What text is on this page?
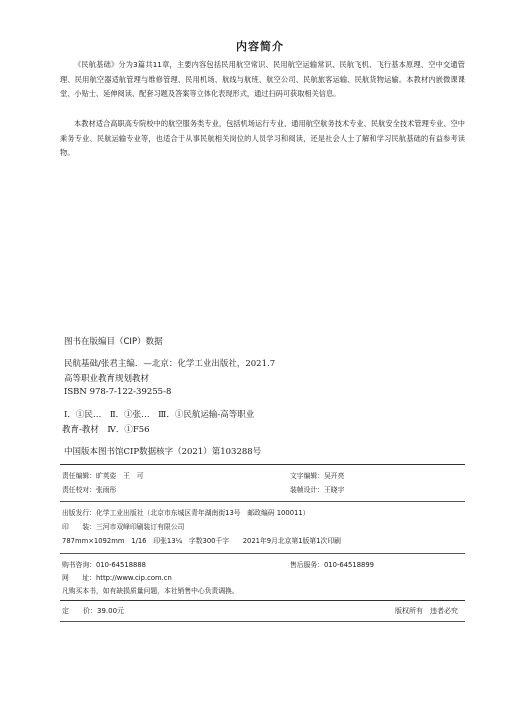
内容简介
《民航基础》分为3篇共11章，主要内容包括民用航空常识、民用航空运输常识、民航飞机、飞行基本原理、空中交通管理、民用航空器适航管理与维修管理、民用机场、航线与航班、航空公司、民航旅客运输、民航货物运输。本教材内嵌微课课堂、小贴士、延伸阅读、配套习题及答案等立体化表现形式，通过扫码可获取相关信息。
本教材适合高职高专院校中的航空服务类专业，包括机场运行专业、通用航空航务技术专业、民航安全技术管理专业、空中乘务专业、民航运输专业等，也适合于从事民航相关岗位的人员学习和阅读，还是社会人士了解和学习民航基础的有益参考读物。
图书在版编目（CIP）数据
民航基础/张君主编．—北京：化学工业出版社，2021.7
高等职业教育规划教材
ISBN 978-7-122-39255-8
Ⅰ．①民…　Ⅱ．①张…　Ⅲ．①民航运输-高等职业
教育-教材　Ⅳ．①F56
中国版本图书馆CIP数据核字（2021）第103288号
责任编辑：旷英姿　王　可	文字编辑：吴开亮
责任校对：张雨彤	装帧设计：王晓宇
出版发行：化学工业出版社（北京市东城区青年湖南街13号　邮政编码 100011）
印　　装：三河市双峰印刷装订有限公司
787mm×1092mm　1/16　印张13¼　字数300千字　　2021年9月北京第1版第1次印刷
购书咨询：010-64518888	售后服务：010-64518899
网　　址：http://www.cip.com.cn
凡购买本书，如有缺损质量问题，本社销售中心负责调换。
定　　价：39.00元	版权所有　违者必究
